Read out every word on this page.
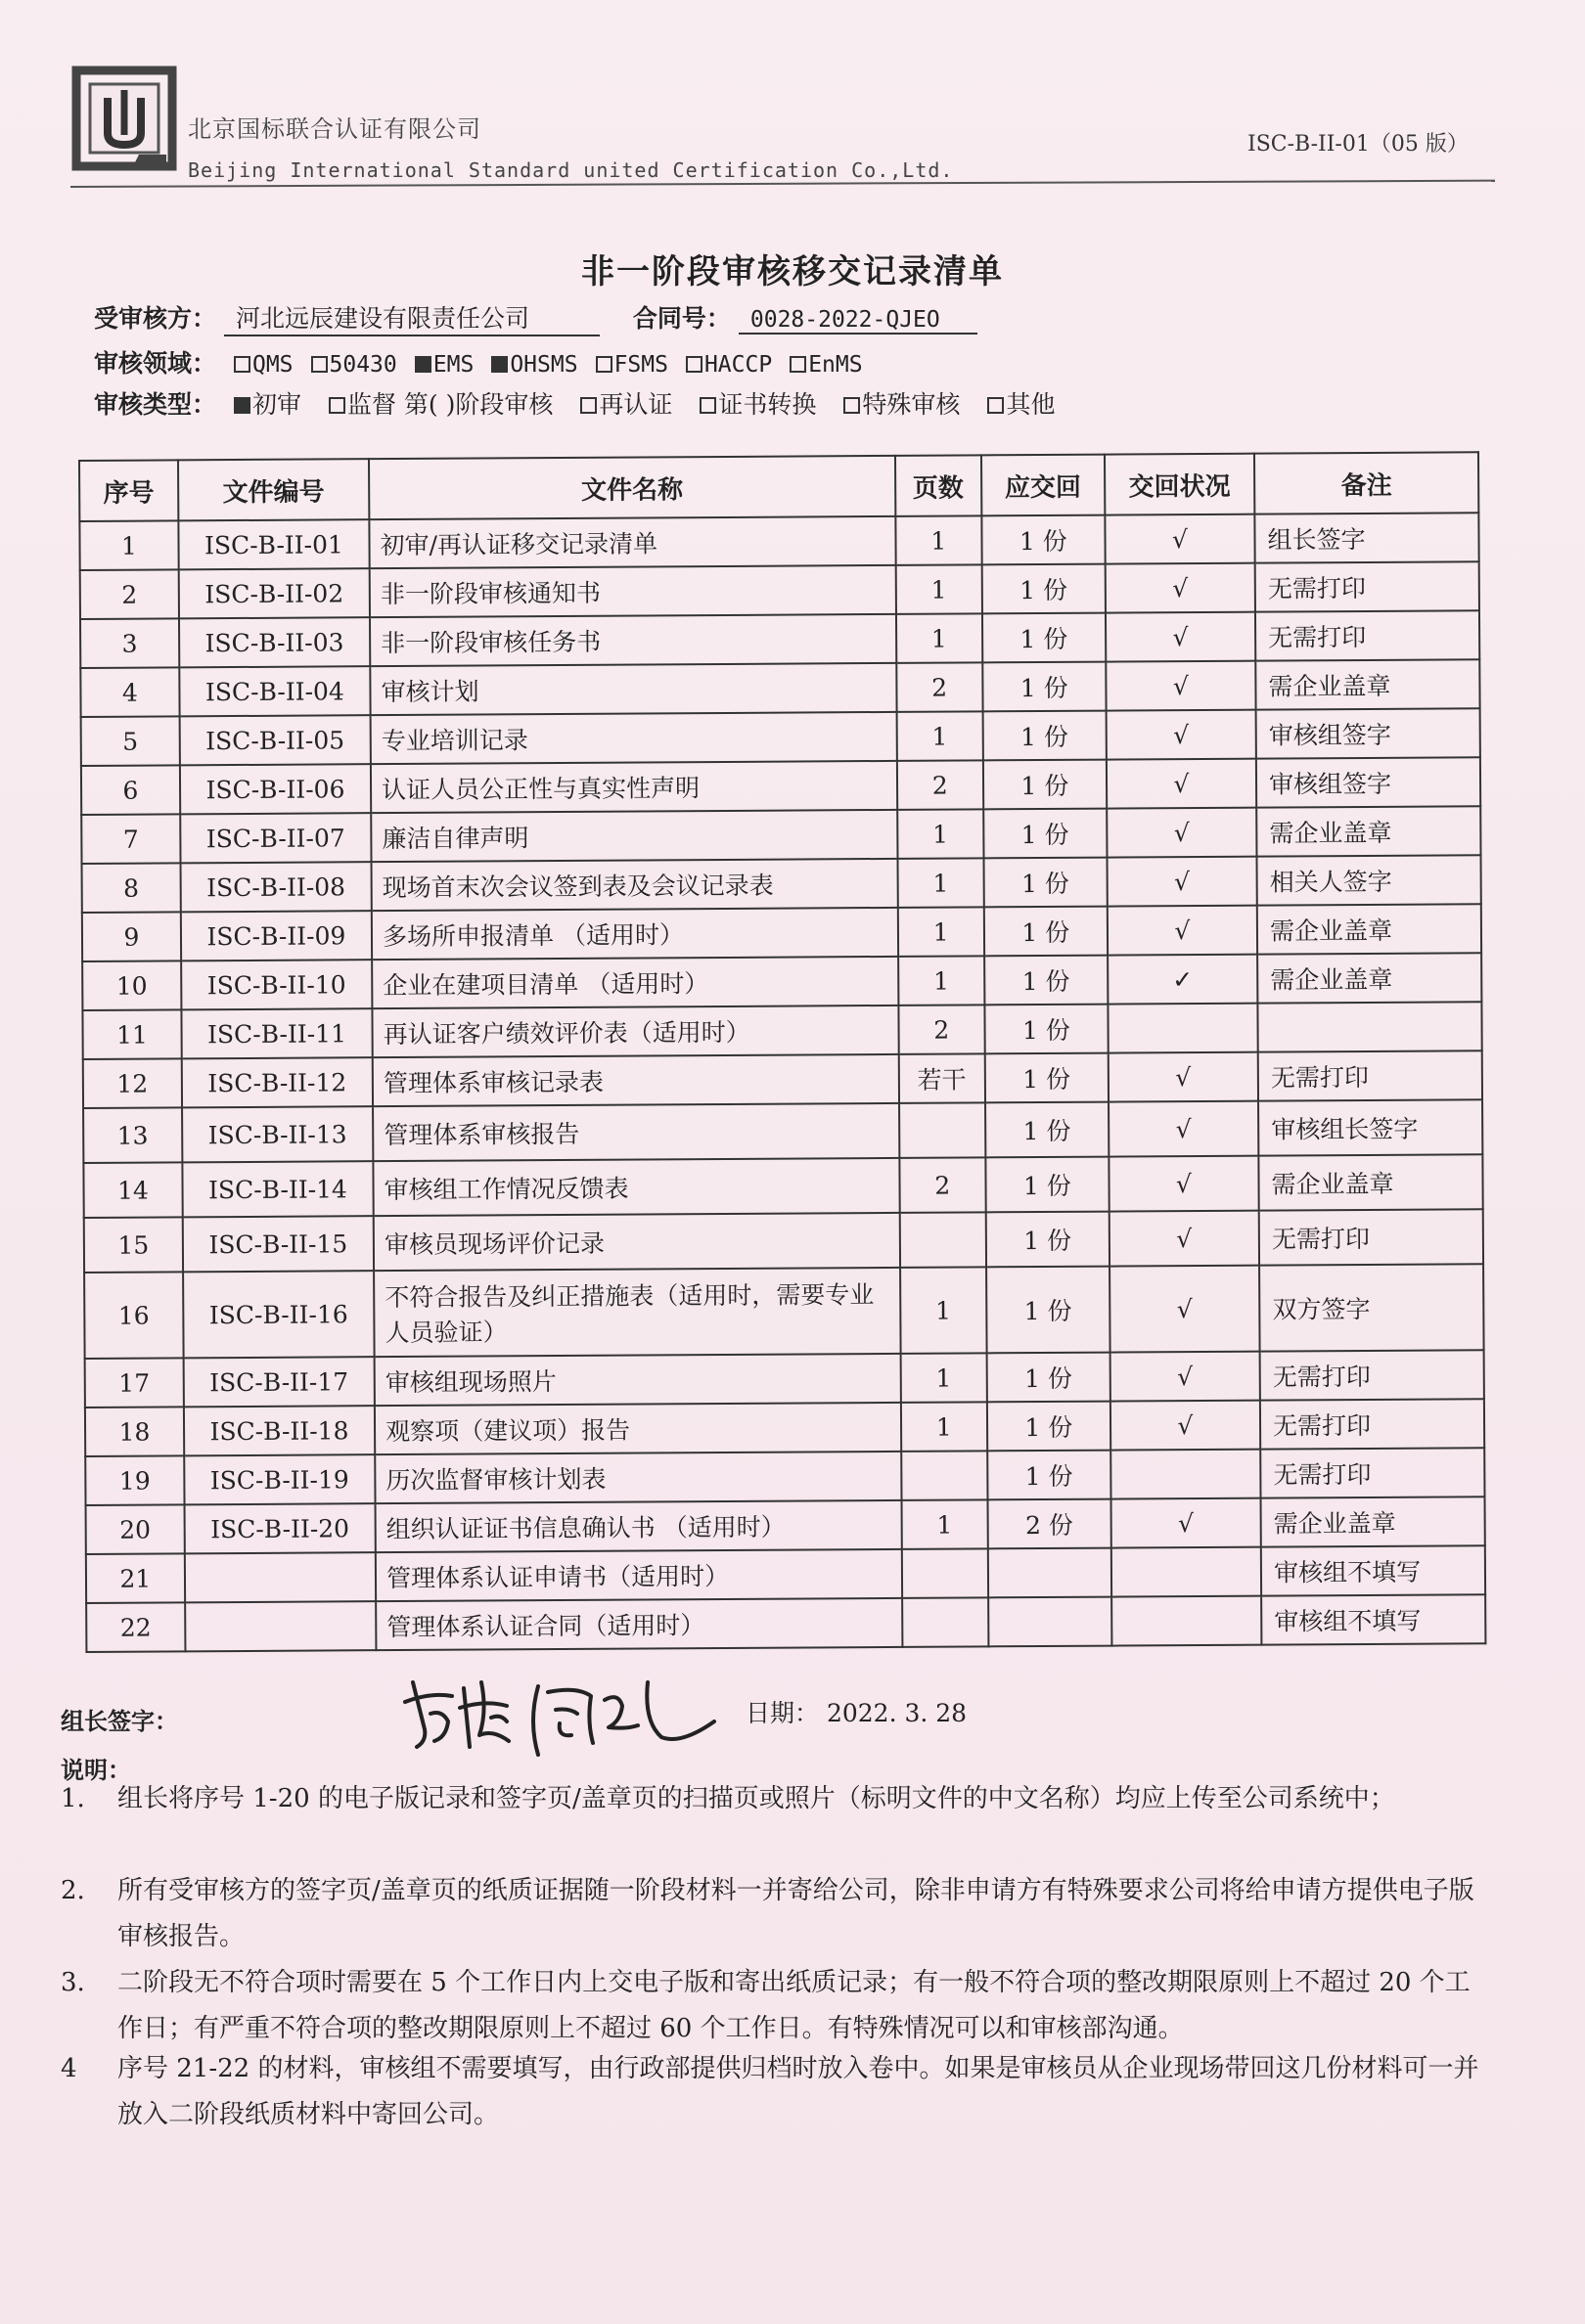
北京国标联合认证有限公司
Beijing International Standard united Certification Co.,Ltd.
ISC-B-II-01（05 版）
非一阶段审核移交记录清单
受审核方： 河北远辰建设有限责任公司	合同号： 0028-2022-QJEO
审核领域： QMS 50430 EMS OHSMS FSMS HACCP EnMS
审核类型： 初审 监督 第( )阶段审核 再认证 证书转换 特殊审核 其他
序号	文件编号	文件名称	页数	应交回	交回状况	备注
1	ISC-B-II-01	初审/再认证移交记录清单	1	1 份	√	组长签字
2	ISC-B-II-02	非一阶段审核通知书	1	1 份	√	无需打印
3	ISC-B-II-03	非一阶段审核任务书	1	1 份	√	无需打印
4	ISC-B-II-04	审核计划	2	1 份	√	需企业盖章
5	ISC-B-II-05	专业培训记录	1	1 份	√	审核组签字
6	ISC-B-II-06	认证人员公正性与真实性声明	2	1 份	√	审核组签字
7	ISC-B-II-07	廉洁自律声明	1	1 份	√	需企业盖章
8	ISC-B-II-08	现场首末次会议签到表及会议记录表	1	1 份	√	相关人签字
9	ISC-B-II-09	多场所申报清单 （适用时）	1	1 份	√	需企业盖章
10	ISC-B-II-10	企业在建项目清单 （适用时）	1	1 份	✓	需企业盖章
11	ISC-B-II-11	再认证客户绩效评价表（适用时）	2	1 份		
12	ISC-B-II-12	管理体系审核记录表	若干	1 份	√	无需打印
13	ISC-B-II-13	管理体系审核报告		1 份	√	审核组长签字
14	ISC-B-II-14	审核组工作情况反馈表	2	1 份	√	需企业盖章
15	ISC-B-II-15	审核员现场评价记录		1 份	√	无需打印
16	ISC-B-II-16	不符合报告及纠正措施表（适用时，需要专业人员验证）	1	1 份	√	双方签字
17	ISC-B-II-17	审核组现场照片	1	1 份	√	无需打印
18	ISC-B-II-18	观察项（建议项）报告	1	1 份	√	无需打印
19	ISC-B-II-19	历次监督审核计划表		1 份		无需打印
20	ISC-B-II-20	组织认证证书信息确认书 （适用时）	1	2 份	√	需企业盖章
21		管理体系认证申请书（适用时）				审核组不填写
22		管理体系认证合同（适用时）				审核组不填写
组长签字：	日期： 2022. 3. 28
说明：
1. 组长将序号 1-20 的电子版记录和签字页/盖章页的扫描页或照片（标明文件的中文名称）均应上传至公司系统中；
2. 所有受审核方的签字页/盖章页的纸质证据随一阶段材料一并寄给公司，除非申请方有特殊要求公司将给申请方提供电子版审核报告。
3. 二阶段无不符合项时需要在 5 个工作日内上交电子版和寄出纸质记录；有一般不符合项的整改期限原则上不超过 20 个工作日；有严重不符合项的整改期限原则上不超过 60 个工作日。有特殊情况可以和审核部沟通。
4 序号 21-22 的材料，审核组不需要填写，由行政部提供归档时放入卷中。如果是审核员从企业现场带回这几份材料可一并放入二阶段纸质材料中寄回公司。
